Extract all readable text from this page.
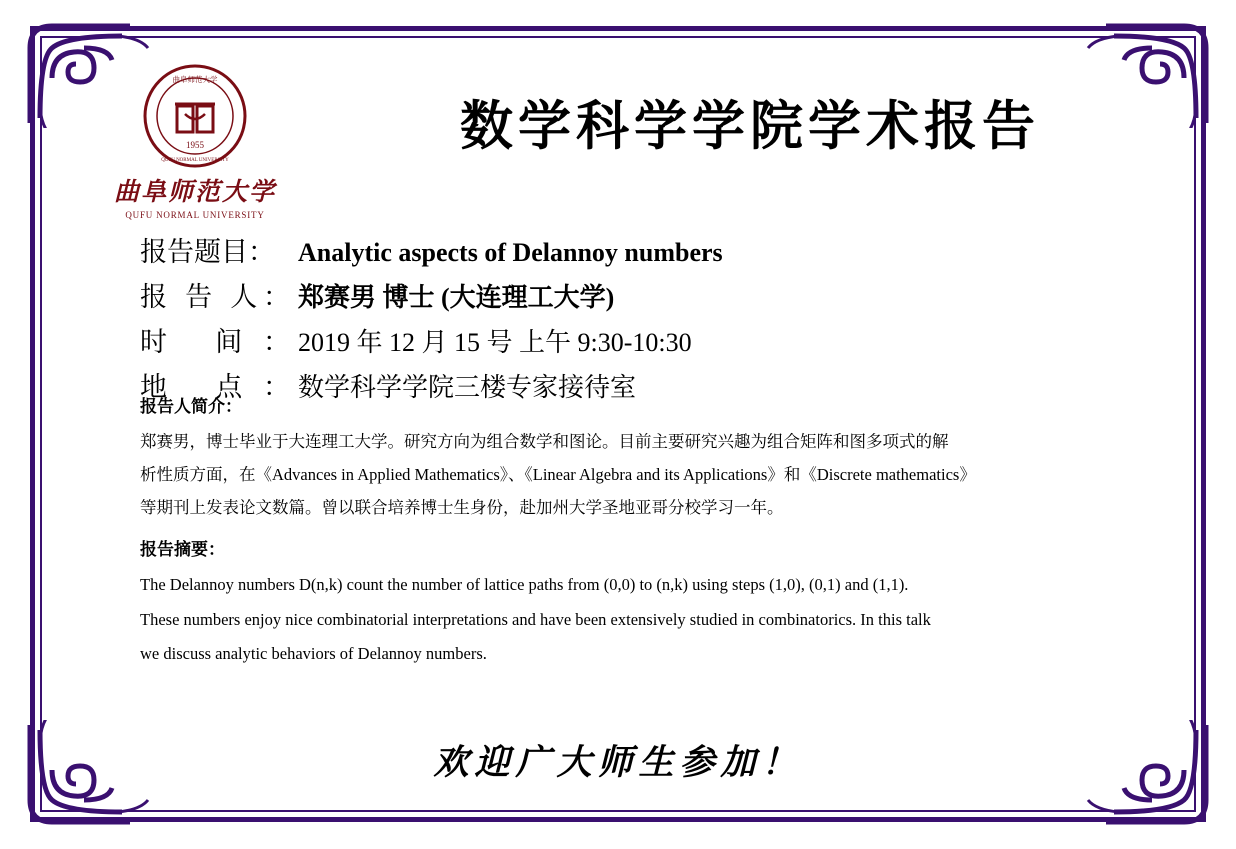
1955
曲阜师范大学
QUFU NORMAL UNIVERSITY
曲阜师范大学
QUFU NORMAL UNIVERSITY
数学科学学院学术报告
报告题目： Analytic aspects of Delannoy numbers
报 告 人： 郑赛男 博士 (大连理工大学)
时 间： 2019 年 12 月 15 号 上午 9:30-10:30
地 点： 数学科学学院三楼专家接待室
报告人简介：
郑赛男，博士毕业于大连理工大学。研究方向为组合数学和图论。目前主要研究兴趣为组合矩阵和图多项式的解
析性质方面，在《Advances in Applied Mathematics》、《Linear Algebra and its Applications》和《Discrete mathematics》
等期刊上发表论文数篇。曾以联合培养博士生身份，赴加州大学圣地亚哥分校学习一年。
报告摘要：
The Delannoy numbers D(n,k) count the number of lattice paths from (0,0) to (n,k) using steps (1,0), (0,1) and (1,1).
These numbers enjoy nice combinatorial interpretations and have been extensively studied in combinatorics. In this talk
we discuss analytic behaviors of Delannoy numbers.
欢迎广大师生参加！
